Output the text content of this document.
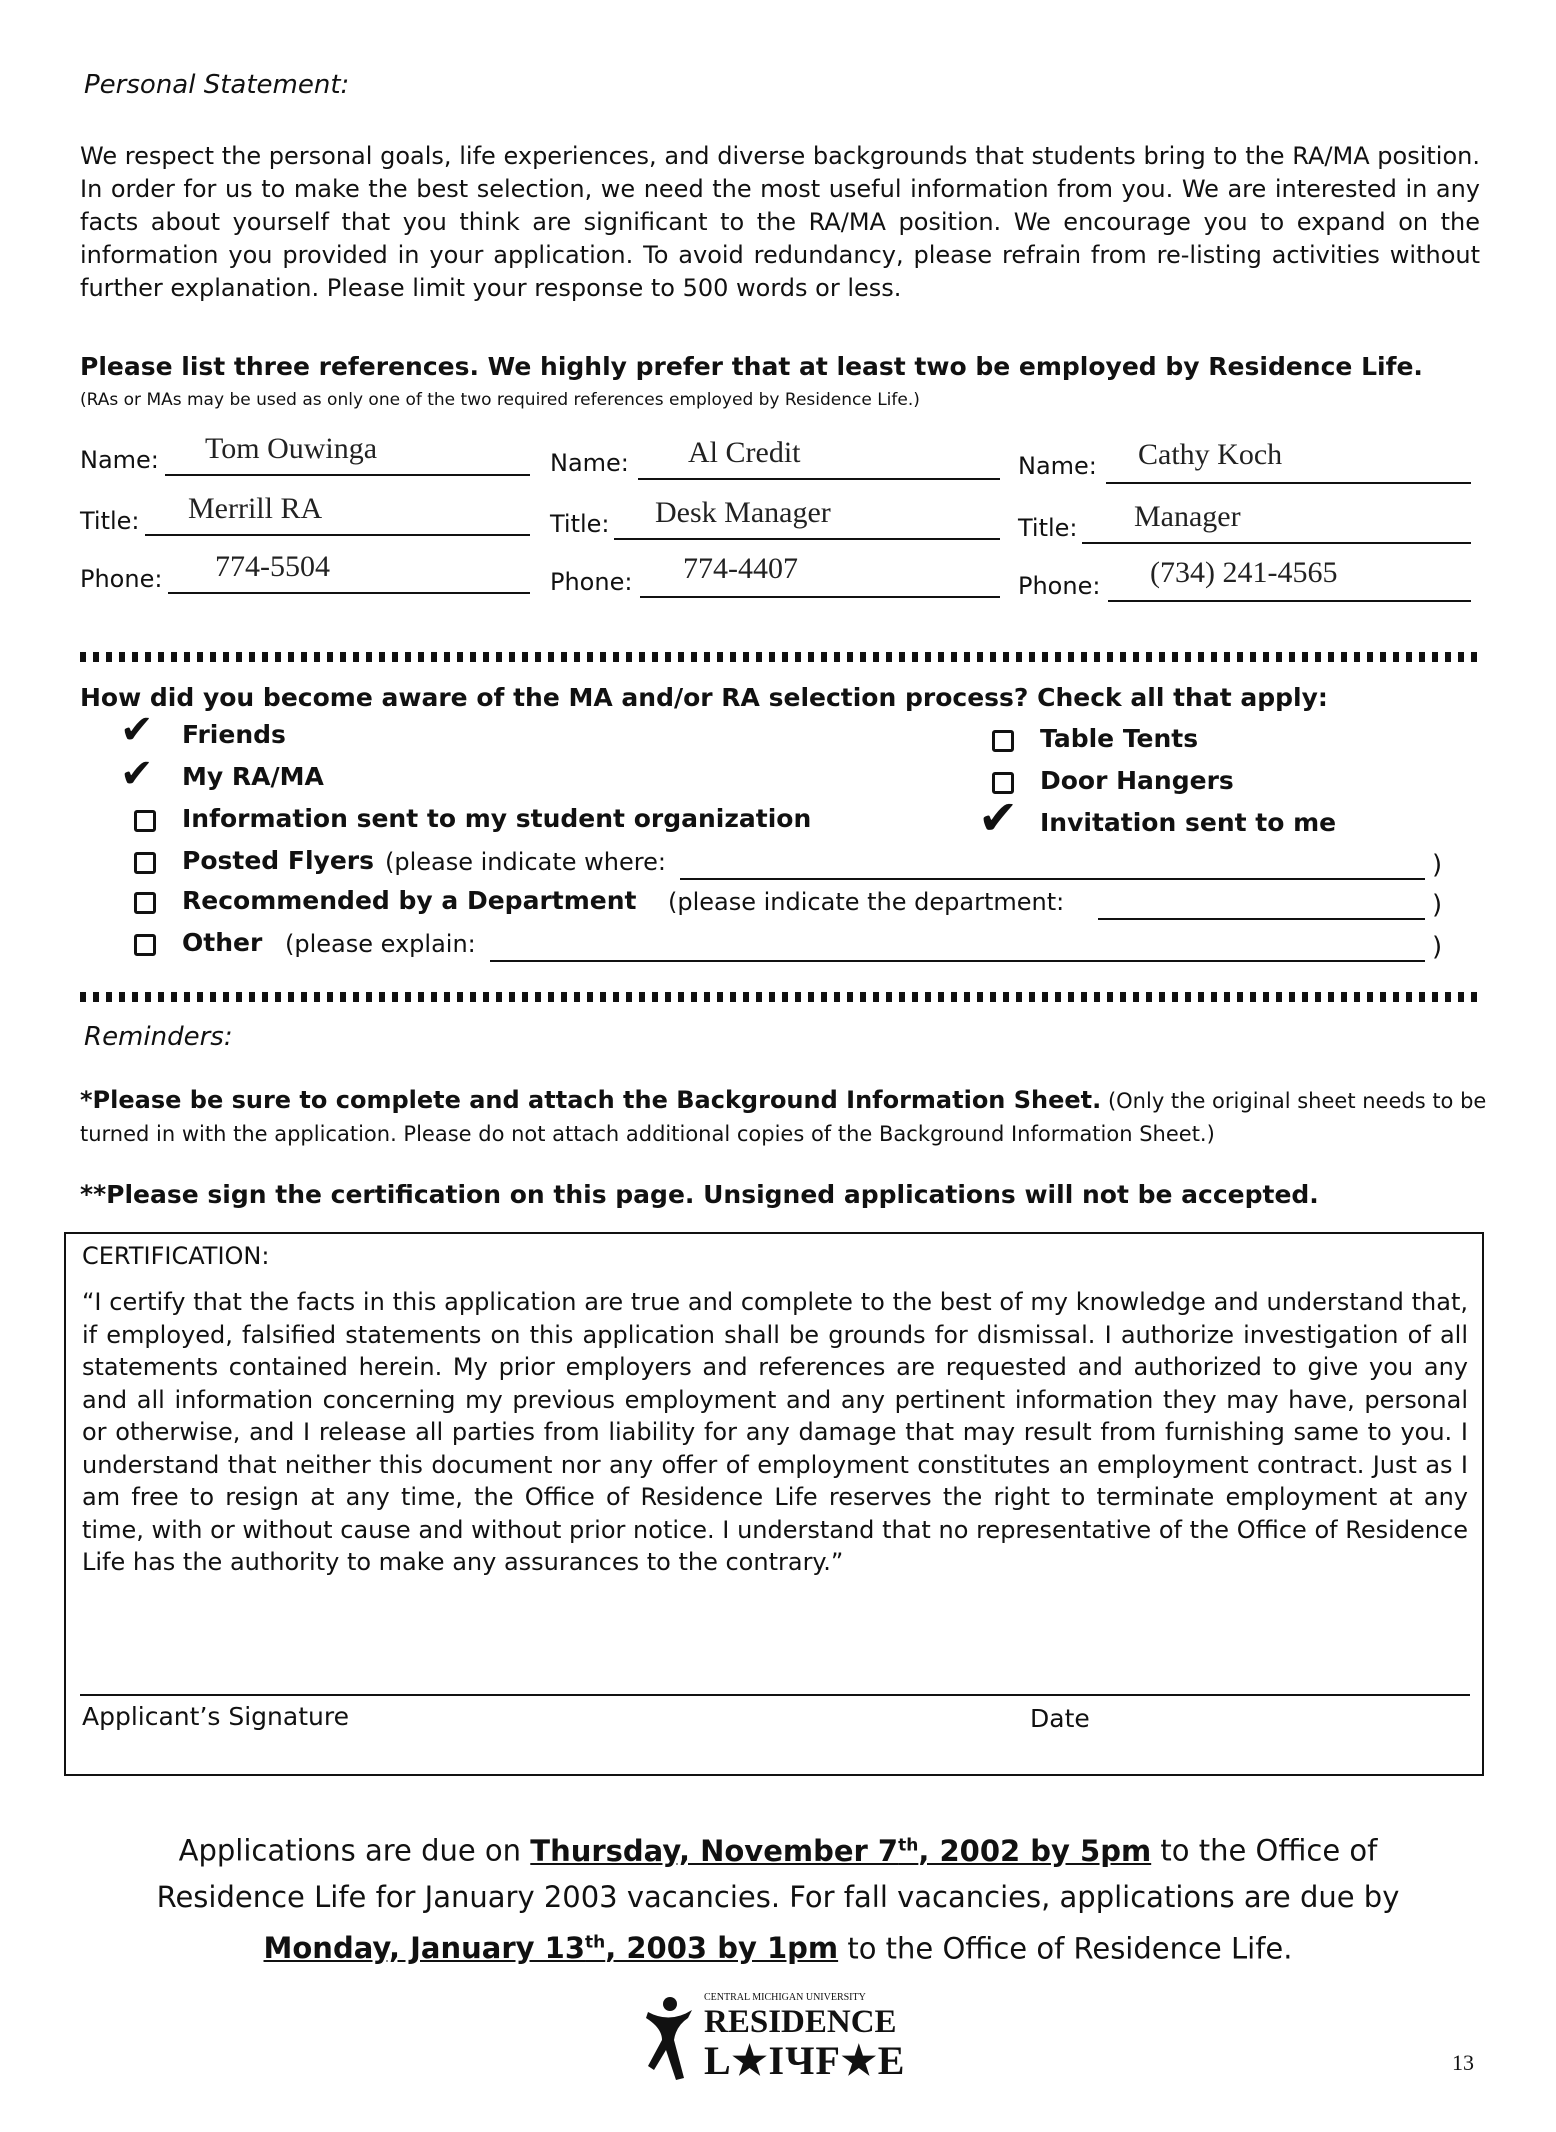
Personal Statement:
We respect the personal goals, life experiences, and diverse backgrounds that students bring to the RA/MA position. In order for us to make the best selection, we need the most useful information from you. We are interested in any facts about yourself that you think are significant to the RA/MA position. We encourage you to expand on the information you provided in your application. To avoid redundancy, please refrain from re-listing activities without further explanation. Please limit your response to 500 words or less.
Please list three references. We highly prefer that at least two be employed by Residence Life.
(RAs or MAs may be used as only one of the two required references employed by Residence Life.)
Name: Tom Ouwinga
Title: Merrill RA
Phone: 774-5504
Name: Al Credit
Title: Desk Manager
Phone: 774-4407
Name: Cathy Koch
Title: Manager
Phone: (734) 241-4565
How did you become aware of the MA and/or RA selection process? Check all that apply:
✔ Friends
✔ My RA/MA
Information sent to my student organization
Posted Flyers (please indicate where:	)
Recommended by a Department (please indicate the department:	)
Other (please explain:	)
Table Tents
Door Hangers
✔ Invitation sent to me
Reminders:
*Please be sure to complete and attach the Background Information Sheet. (Only the original sheet needs to be turned in with the application. Please do not attach additional copies of the Background Information Sheet.)
**Please sign the certification on this page. Unsigned applications will not be accepted.
CERTIFICATION:
“I certify that the facts in this application are true and complete to the best of my knowledge and understand that, if employed, falsified statements on this application shall be grounds for dismissal. I authorize investigation of all statements contained herein. My prior employers and references are requested and authorized to give you any and all information concerning my previous employment and any pertinent information they may have, personal or otherwise, and I release all parties from liability for any damage that may result from furnishing same to you. I understand that neither this document nor any offer of employment constitutes an employment contract. Just as I am free to resign at any time, the Office of Residence Life reserves the right to terminate employment at any time, with or without cause and without prior notice. I understand that no representative of the Office of Residence Life has the authority to make any assurances to the contrary.”
Applicant’s Signature	Date
Applications are due on Thursday, November 7th, 2002 by 5pm to the Office of Residence Life for January 2003 vacancies. For fall vacancies, applications are due by Monday, January 13th, 2003 by 1pm to the Office of Residence Life.
CENTRAL MICHIGAN UNIVERSITY
RESIDENCE
L★IЧF★E	13
